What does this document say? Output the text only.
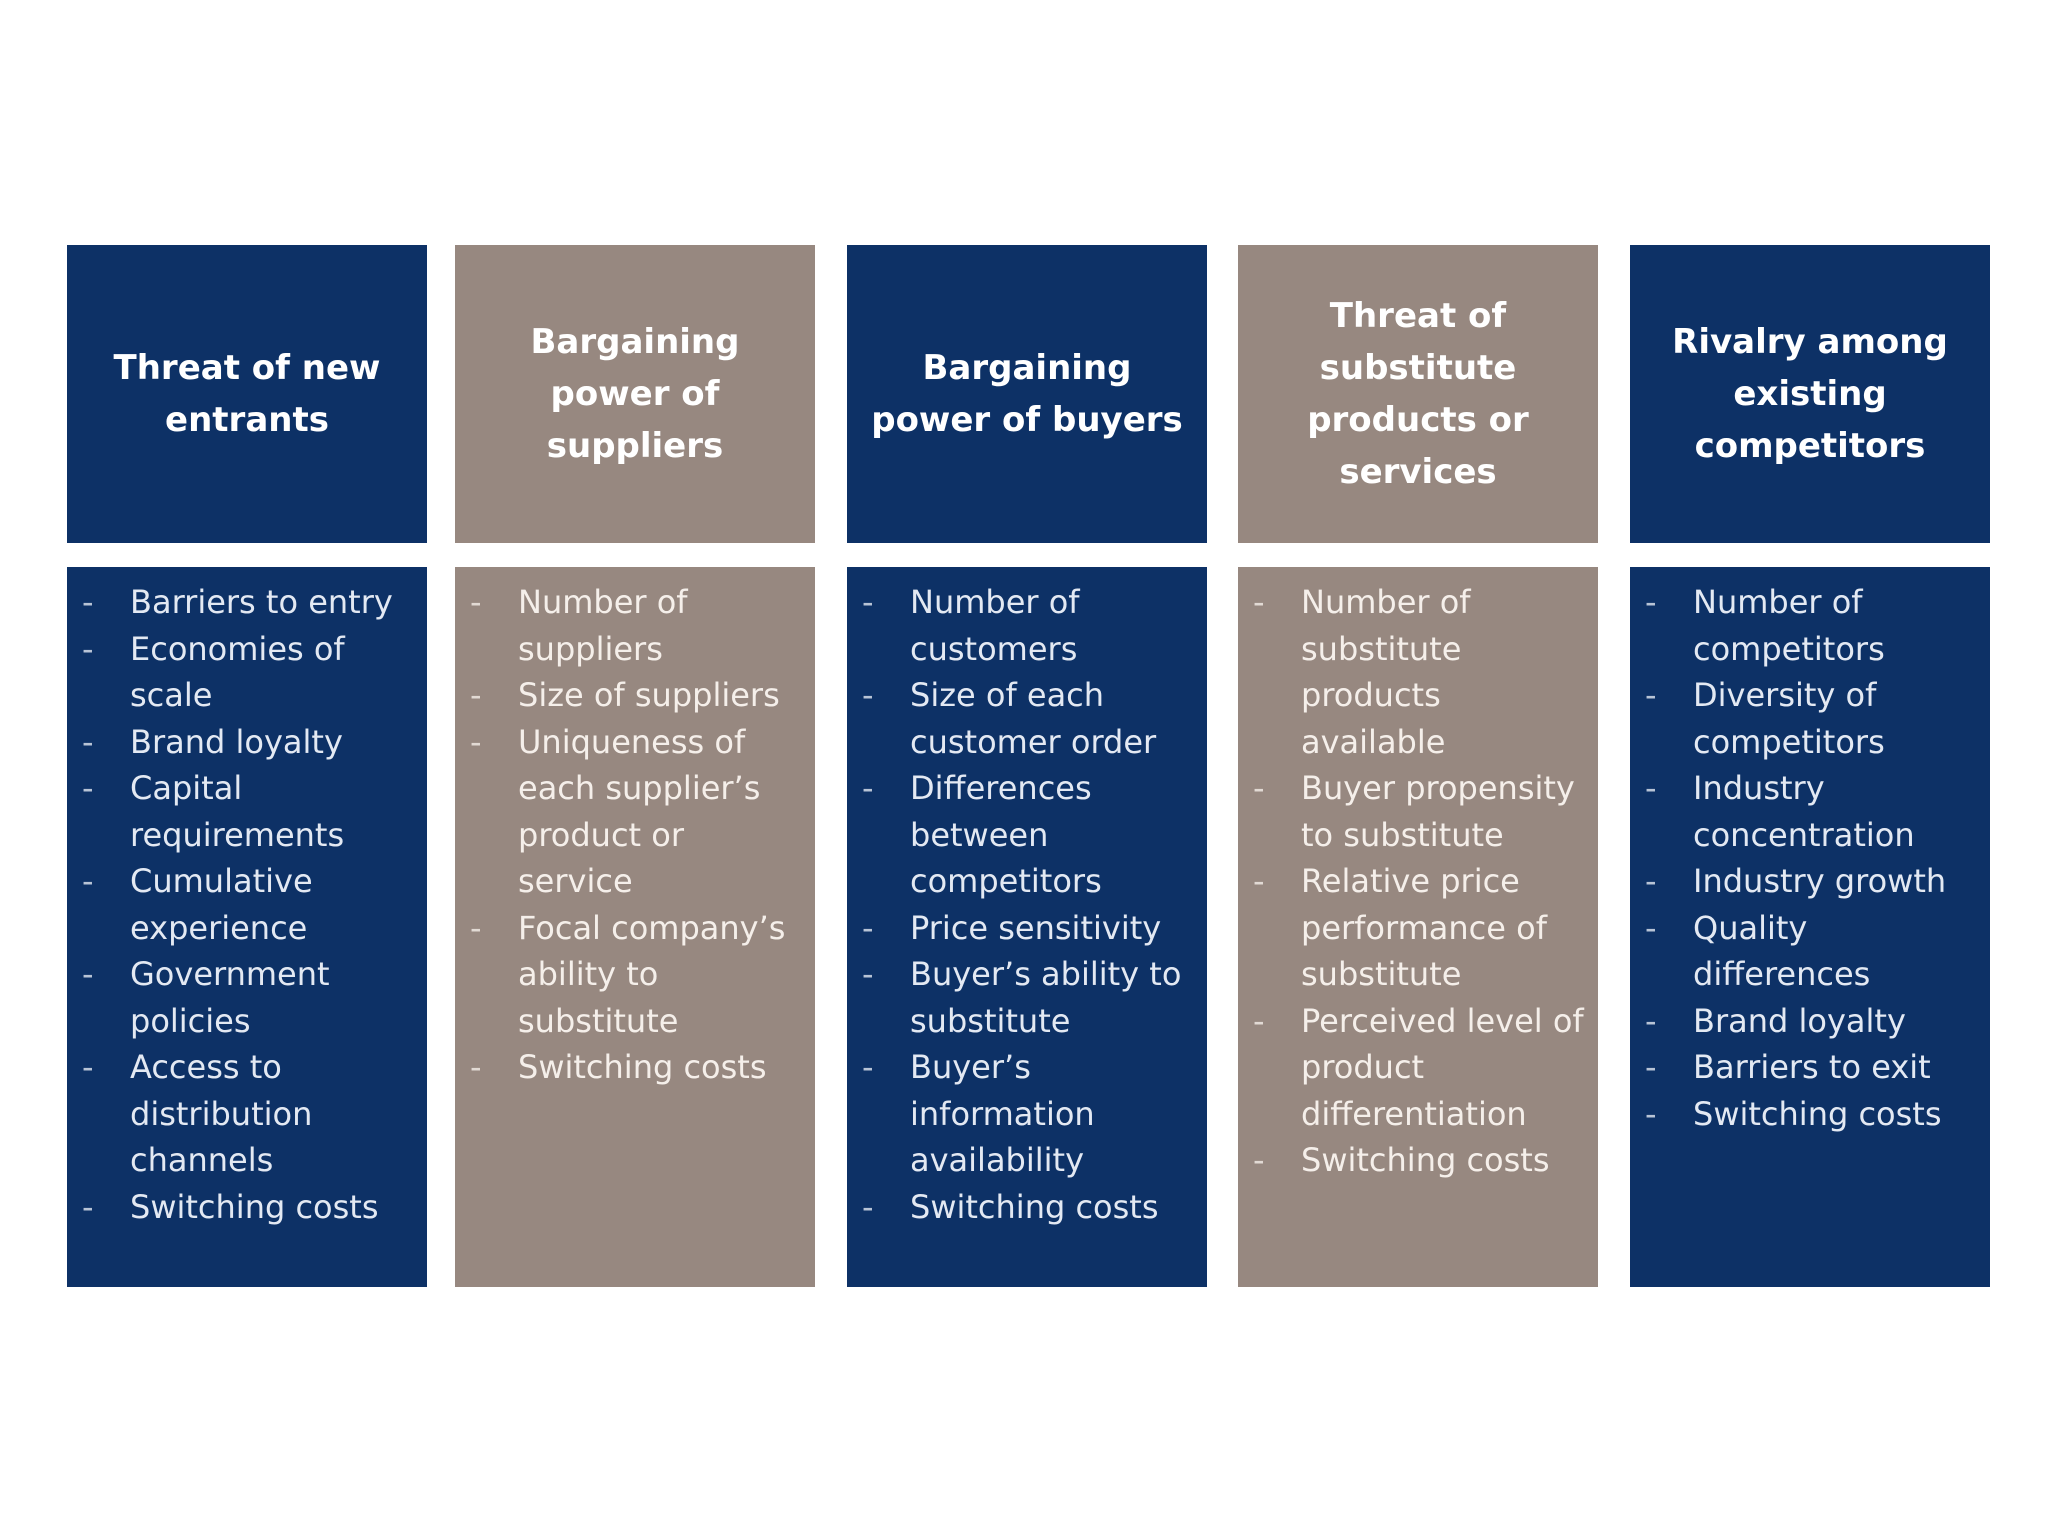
Threat of new entrants
- Barriers to entry
- Economies of scale
- Brand loyalty
- Capital requirements
- Cumulative experience
- Government policies
- Access to distribution channels
- Switching costs
Bargaining power of suppliers
- Number of suppliers
- Size of suppliers
- Uniqueness of each supplier’s product or service
- Focal company’s ability to substitute
- Switching costs
Bargaining power of buyers
- Number of customers
- Size of each customer order
- Differences between competitors
- Price sensitivity
- Buyer’s ability to substitute
- Buyer’s information availability
- Switching costs
Threat of substitute products or services
- Number of substitute products available
- Buyer propensity to substitute
- Relative price performance of substitute
- Perceived level of product differentiation
- Switching costs
Rivalry among existing competitors
- Number of competitors
- Diversity of competitors
- Industry concentration
- Industry growth
- Quality differences
- Brand loyalty
- Barriers to exit
- Switching costs
